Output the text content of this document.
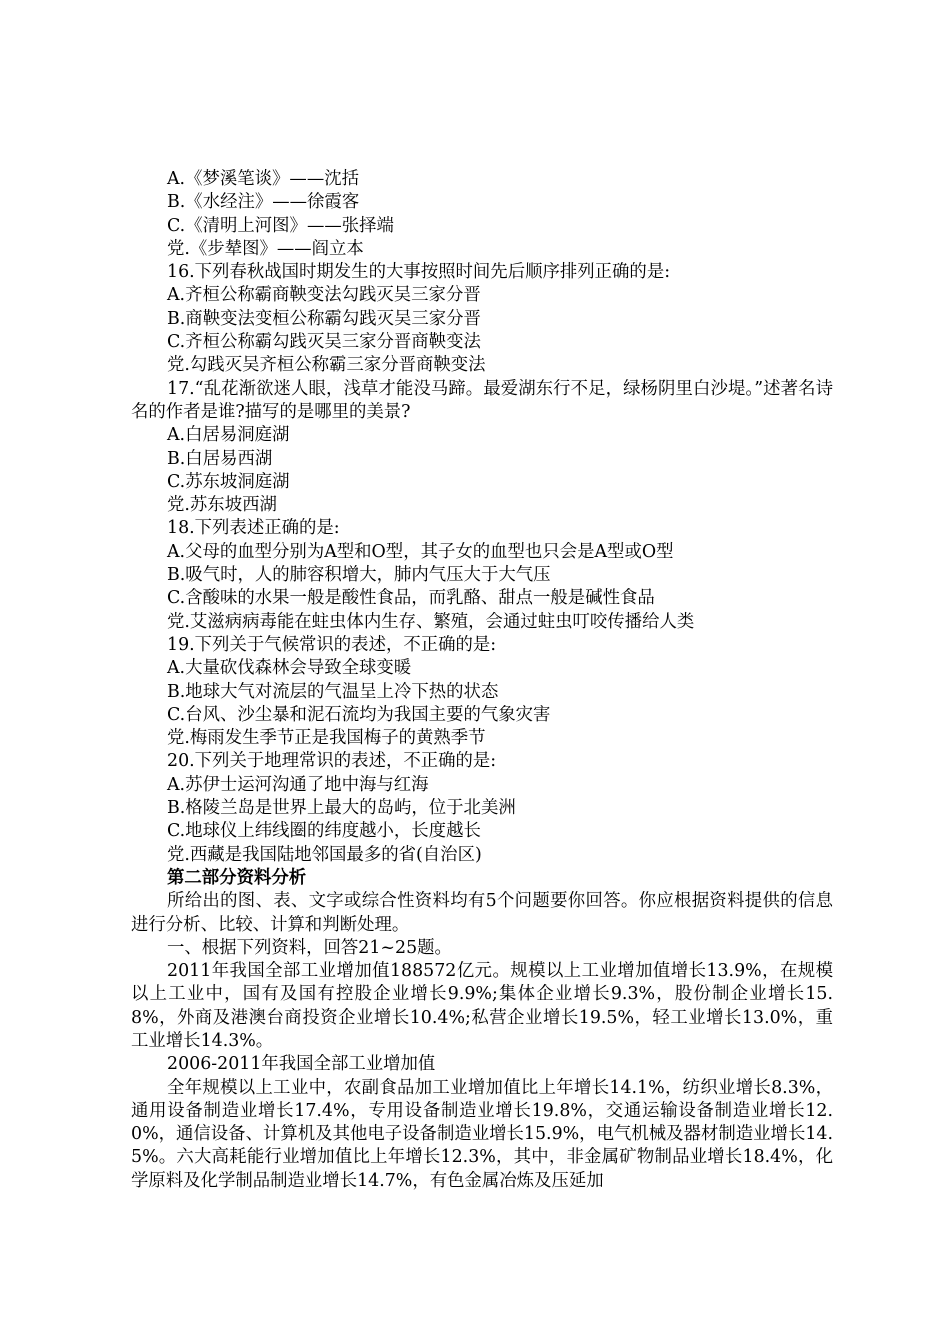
A.《梦溪笔谈》——沈括
B.《水经注》——徐霞客
C.《清明上河图》——张择端
党.《步辇图》——阎立本
16.下列春秋战国时期发生的大事按照时间先后顺序排列正确的是:
A.齐桓公称霸商鞅变法勾践灭吴三家分晋
B.商鞅变法变桓公称霸勾践灭吴三家分晋
C.齐桓公称霸勾践灭吴三家分晋商鞅变法
党.勾践灭吴齐桓公称霸三家分晋商鞅变法
17.“乱花渐欲迷人眼，浅草才能没马蹄。最爱湖东行不足，绿杨阴里白沙堤。”述著名诗名的作者是谁?描写的是哪里的美景?
A.白居易洞庭湖
B.白居易西湖
C.苏东坡洞庭湖
党.苏东坡西湖
18.下列表述正确的是:
A.父母的血型分别为A型和O型，其子女的血型也只会是A型或O型
B.吸气时，人的肺容积增大，肺内气压大于大气压
C.含酸味的水果一般是酸性食品，而乳酪、甜点一般是碱性食品
党.艾滋病病毒能在蛀虫体内生存、繁殖，会通过蛀虫叮咬传播给人类
19.下列关于气候常识的表述，不正确的是:
A.大量砍伐森林会导致全球变暖
B.地球大气对流层的气温呈上冷下热的状态
C.台风、沙尘暴和泥石流均为我国主要的气象灾害
党.梅雨发生季节正是我国梅子的黄熟季节
20.下列关于地理常识的表述，不正确的是:
A.苏伊士运河沟通了地中海与红海
B.格陵兰岛是世界上最大的岛屿，位于北美洲
C.地球仪上纬线圈的纬度越小，长度越长
党.西藏是我国陆地邻国最多的省(自治区)
第二部分资料分析
所给出的图、表、文字或综合性资料均有5个问题要你回答。你应根据资料提供的信息进行分析、比较、计算和判断处理。
一、根据下列资料，回答21~25题。
2011年我国全部工业增加值188572亿元。规模以上工业增加值增长13.9%，在规模以上工业中，国有及国有控股企业增长9.9%;集体企业增长9.3%，股份制企业增长15.8%，外商及港澳台商投资企业增长10.4%;私营企业增长19.5%，轻工业增长13.0%，重工业增长14.3%。
2006-2011年我国全部工业增加值
全年规模以上工业中，农副食品加工业增加值比上年增长14.1%，纺织业增长8.3%，通用设备制造业增长17.4%，专用设备制造业增长19.8%，交通运输设备制造业增长12.0%，通信设备、计算机及其他电子设备制造业增长15.9%，电气机械及器材制造业增长14.5%。六大高耗能行业增加值比上年增长12.3%，其中，非金属矿物制品业增长18.4%，化学原料及化学制品制造业增长14.7%，有色金属冶炼及压延加
